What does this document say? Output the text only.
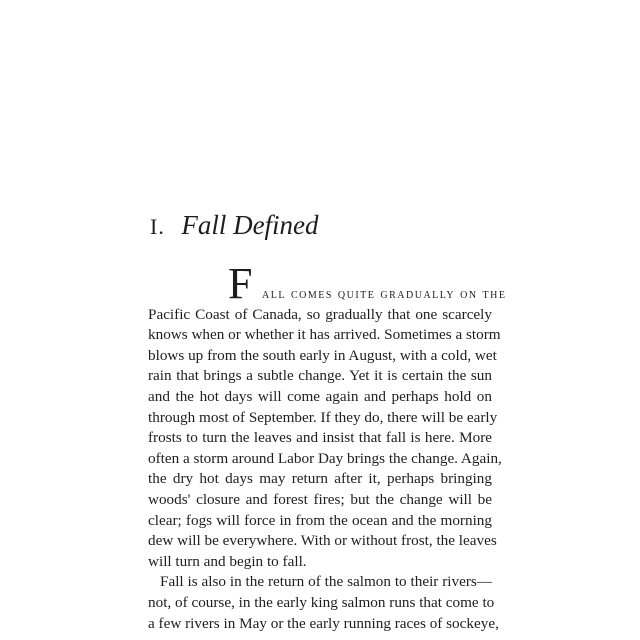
I. Fall Defined
F all comes quite gradually on the
Pacific Coast of Canada, so gradually that one scarcely
knows when or whether it has arrived. Sometimes a storm
blows up from the south early in August, with a cold, wet
rain that brings a subtle change. Yet it is certain the sun
and the hot days will come again and perhaps hold on
through most of September. If they do, there will be early
frosts to turn the leaves and insist that fall is here. More
often a storm around Labor Day brings the change. Again,
the dry hot days may return after it, perhaps bringing
woods' closure and forest fires; but the change will be
clear; fogs will force in from the ocean and the morning
dew will be everywhere. With or without frost, the leaves
will turn and begin to fall.
Fall is also in the return of the salmon to their rivers—
not, of course, in the early king salmon runs that come to
a few rivers in May or the early running races of sockeye,
